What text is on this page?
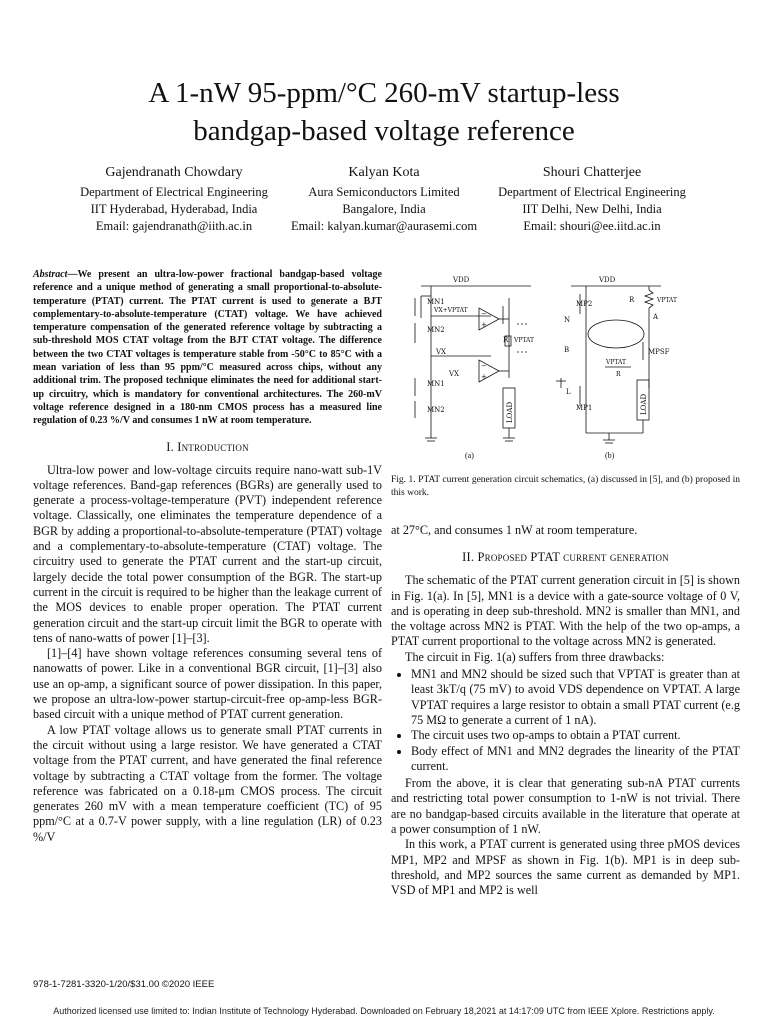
A 1-nW 95-ppm/°C 260-mV startup-less
bandgap-based voltage reference
Gajendranath Chowdary
Department of Electrical Engineering
IIT Hyderabad, Hyderabad, India
Email: gajendranath@iith.ac.in
Kalyan Kota
Aura Semiconductors Limited
Bangalore, India
Email: kalyan.kumar@aurasemi.com
Shouri Chatterjee
Department of Electrical Engineering
IIT Delhi, New Delhi, India
Email: shouri@ee.iitd.ac.in

Abstract—We present an ultra-low-power fractional bandgap-based voltage reference and a unique method of generating a small proportional-to-absolute-temperature (PTAT) current. The PTAT current is used to generate a BJT complementary-to-absolute-temperature (CTAT) voltage. We have achieved temperature compensation of the generated reference voltage by subtracting a sub-threshold MOS CTAT voltage from the BJT CTAT voltage. The difference between the two CTAT voltages is temperature stable from -50°C to 85°C with a mean variation of less than 95 ppm/°C measured across chips, without any additional trim. The proposed technique eliminates the need for additional start-up circuitry, which is mandatory for conventional architectures. The 260-mV voltage reference designed in a 180-nm CMOS process has a measured line regulation of 0.23 %/V and consumes 1 nW at room temperature.

I. Introduction

Ultra-low power and low-voltage circuits require nano-watt sub-1V voltage references. Band-gap references (BGRs) are generally used to generate a process-voltage-temperature (PVT) independent reference voltage. Classically, one eliminates the temperature dependence of a BGR by adding a proportional-to-absolute-temperature (PTAT) voltage and a complementary-to-absolute-temperature (CTAT) voltage. The circuitry used to generate the PTAT current and the start-up circuit, largely decide the total power consumption of the BGR. The start-up current in the circuit is required to be higher than the leakage current of the MOS devices to enable proper operation. The PTAT current generation circuit and the start-up circuit limit the BGR to operate with tens of nano-watts of power [1]–[3].

[1]–[4] have shown voltage references consuming several tens of nanowatts of power. Like in a conventional BGR circuit, [1]–[3] also use an op-amp, a significant source of power dissipation. In this paper, we propose an ultra-low-power startup-circuit-free op-amp-less BGR-based circuit with a unique method of PTAT current generation.

A low PTAT voltage allows us to generate small PTAT currents in the circuit without using a large resistor. We have generated a CTAT voltage from the PTAT current, and have generated the final reference voltage by subtracting a CTAT voltage from the former. The voltage reference was fabricated on a 0.18-μm CMOS process. The circuit generates 260 mV with a mean temperature coefficient (TC) of 95 ppm/°C at a 0.7-V power supply, with a line regulation (LR) of 0.23 %/V

VDD
MN1
VX+VPTAT
MN2
−
+
R VPTAT
VX
−
+
VX
MN1
MN2	LOAD
VDD
MP2	R	VPTAT
A
N
B	MPSF
VPTAT
R
L
MP1	LOAD
(a)	(b)

Fig. 1. PTAT current generation circuit schematics, (a) discussed in [5], and (b) proposed in this work.

at 27°C, and consumes 1 nW at room temperature.

II. Proposed PTAT current generation

The schematic of the PTAT current generation circuit in [5] is shown in Fig. 1(a). In [5], MN1 is a device with a gate-source voltage of 0 V, and is operating in deep sub-threshold. MN2 is smaller than MN1, and the voltage across MN2 is PTAT. With the help of the two op-amps, a PTAT current proportional to the voltage across MN2 is generated.

The circuit in Fig. 1(a) suffers from three drawbacks:

• MN1 and MN2 should be sized such that VPTAT is greater than at least 3kT/q (75 mV) to avoid VDS dependence on VPTAT. A large VPTAT requires a large resistor to obtain a small PTAT current (e.g 75 MΩ to generate a current of 1 nA).
• The circuit uses two op-amps to obtain a PTAT current.
• Body effect of MN1 and MN2 degrades the linearity of the PTAT current.

From the above, it is clear that generating sub-nA PTAT currents and restricting total power consumption to 1-nW is not trivial. There are no bandgap-based circuits available in the literature that operate at a power consumption of 1 nW.

In this work, a PTAT current is generated using three pMOS devices MP1, MP2 and MPSF as shown in Fig. 1(b). MP1 is in deep sub-threshold, and MP2 sources the same current as demanded by MP1. VSD of MP1 and MP2 is well

978-1-7281-3320-1/20/$31.00 ©2020 IEEE
Authorized licensed use limited to: Indian Institute of Technology Hyderabad. Downloaded on February 18,2021 at 14:17:09 UTC from IEEE Xplore. Restrictions apply.
